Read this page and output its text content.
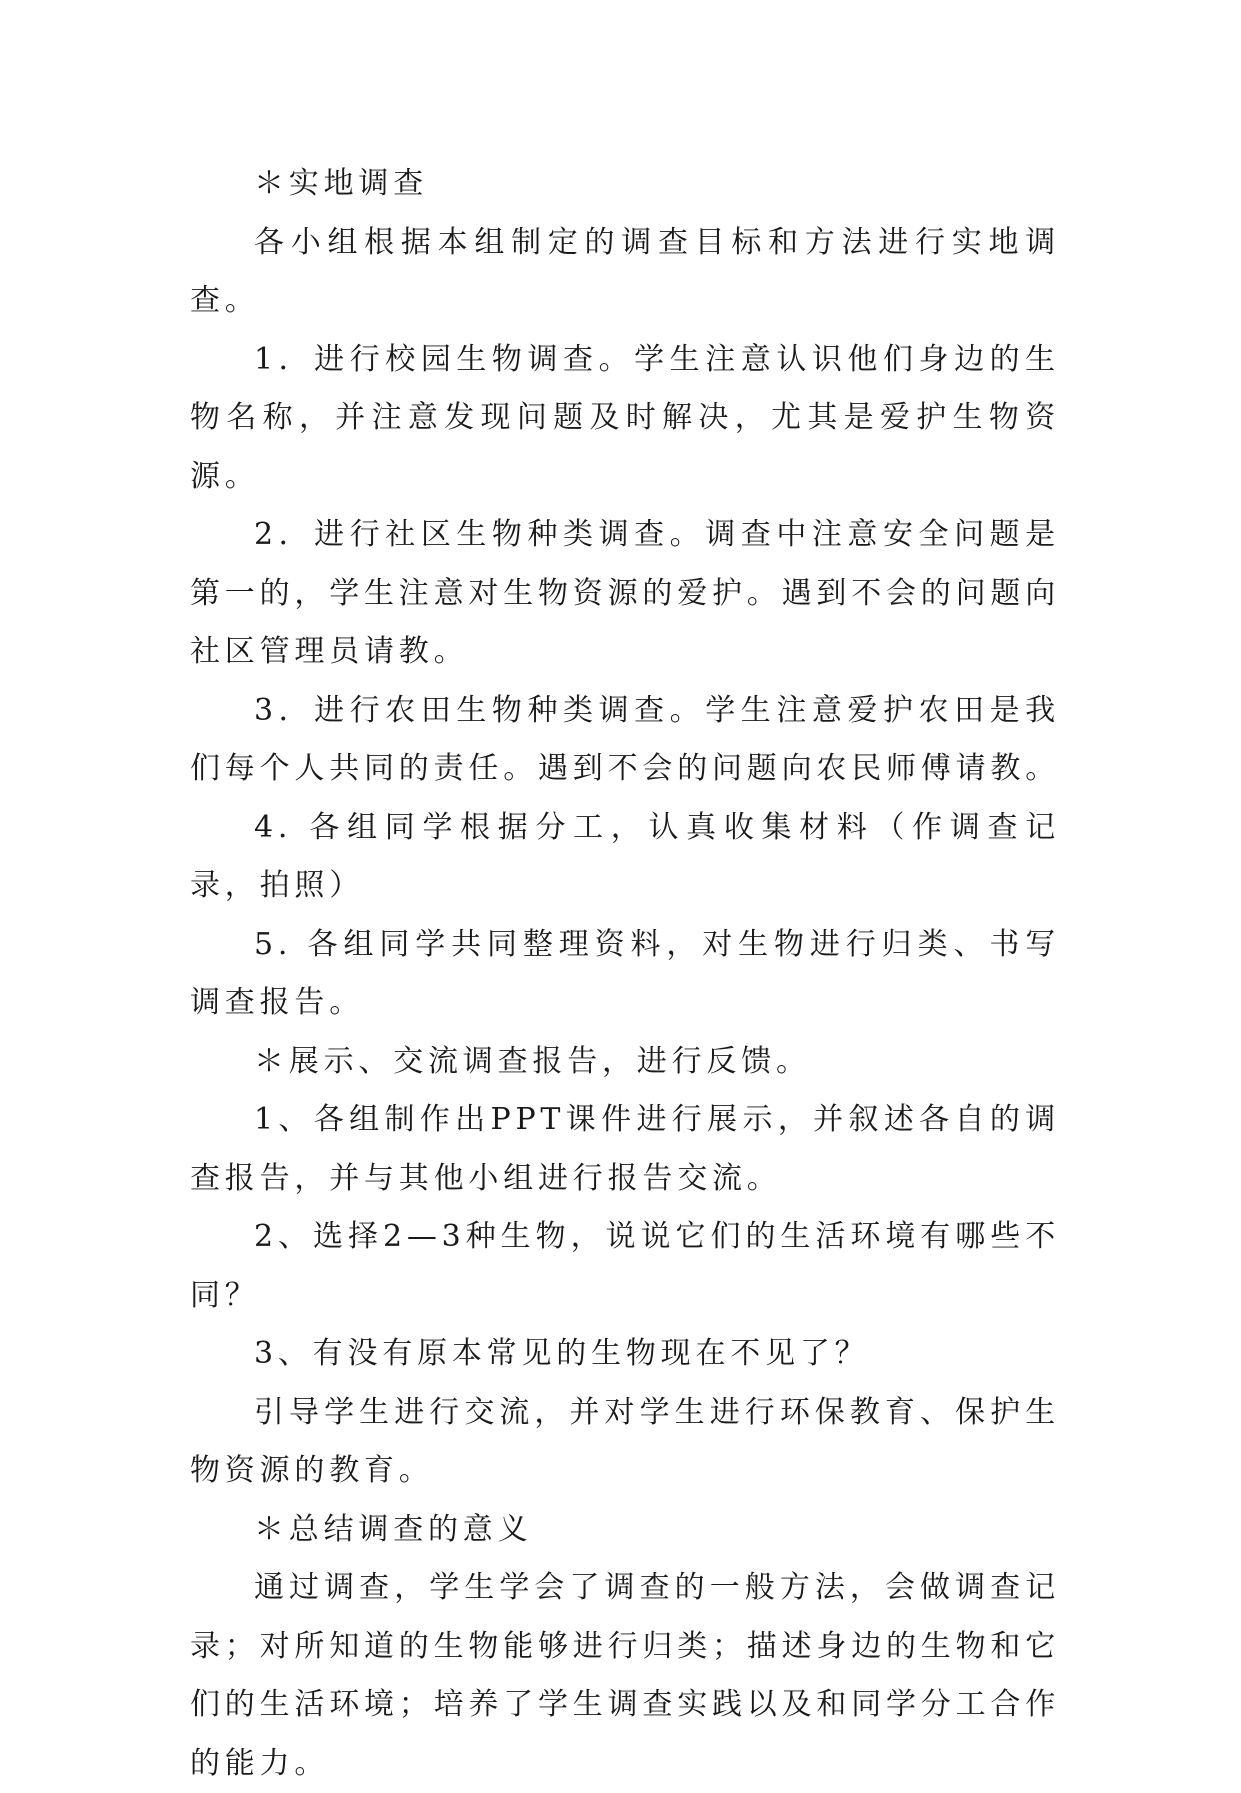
＊实地调查

各小组根据本组制定的调查目标和方法进行实地调查。

1．进行校园生物调查。学生注意认识他们身边的生物名称，并注意发现问题及时解决，尤其是爱护生物资源。

2．进行社区生物种类调查。调查中注意安全问题是第一的，学生注意对生物资源的爱护。遇到不会的问题向社区管理员请教。

3．进行农田生物种类调查。学生注意爱护农田是我们每个人共同的责任。遇到不会的问题向农民师傅请教。

4. 各组同学根据分工，认真收集材料（作调查记录，拍照）

5. 各组同学共同整理资料，对生物进行归类、书写调查报告。

＊展示、交流调查报告，进行反馈。

1、各组制作出PPT课件进行展示，并叙述各自的调查报告，并与其他小组进行报告交流。

2、选择2—3种生物，说说它们的生活环境有哪些不同？

3、有没有原本常见的生物现在不见了？

引导学生进行交流，并对学生进行环保教育、保护生物资源的教育。

＊总结调查的意义

通过调查，学生学会了调查的一般方法，会做调查记录；对所知道的生物能够进行归类；描述身边的生物和它们的生活环境；培养了学生调查实践以及和同学分工合作的能力。
